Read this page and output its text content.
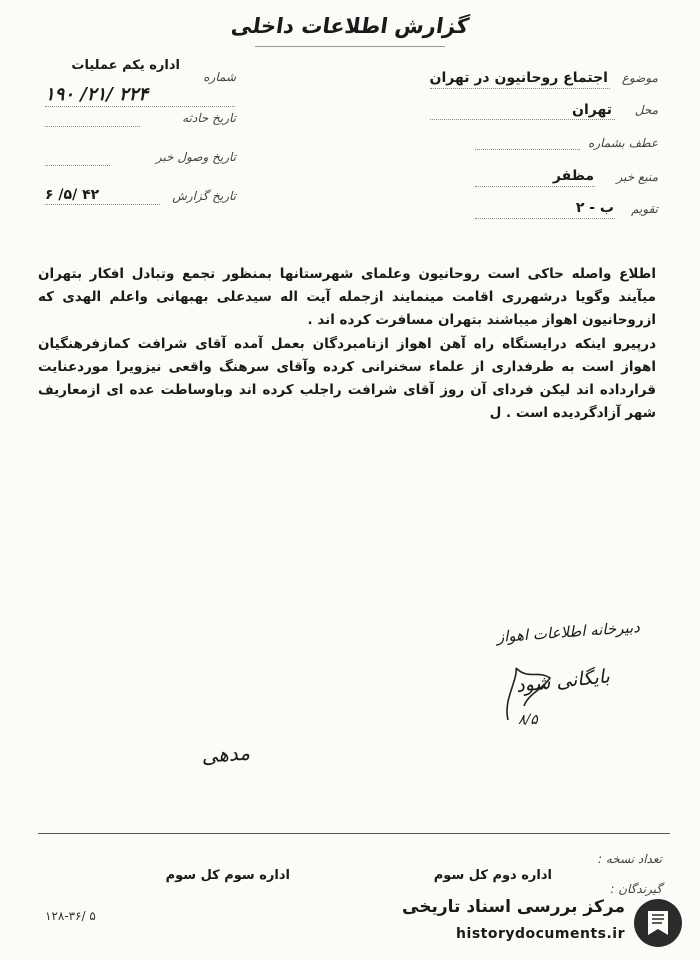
گزارش اطلاعات داخلی
اداره یکم عملیات
شماره
۱۹۰ /۲۱/ ۲۲۴
تاریخ حادثه
تاریخ وصول خبر
تاریخ گزارش
۶ /۵/ ۴۲
موضوع
اجتماع روحانیون در تهران
محل
تهران
عطف بشماره
منبع خبر
مظفر
تقویم
ب - ۲

اطلاع واصله حاکی است روحانیون وعلمای شهرستانها بمنظور تجمع وتبادل افکار بتهران میآیند وگویا درشهرری اقامت مینمایند ازجمله آیت اله سیدعلی بهبهانی واعلم الهدی که ازروحانیون اهواز میباشند بتهران مسافرت کرده اند .

درپیرو اینکه درایستگاه راه آهن اهواز ازنامبردگان بعمل آمده آقای شرافت کمازفرهنگیان اهواز است به طرفداری از علماء سخنرانی کرده وآقای سرهنگ واقعی نیزویرا موردعنایت قرارداده اند لیکن فردای آن روز آقای شرافت راجلب کرده اند وباوساطت عده ای ازمعاریف شهر آزادگردیده است . ل

دبیرخانه اطلاعات اهواز
بایگانی شود
۸/۵
مدهی
تعداد نسخه :
گیرندگان :
اداره دوم کل سوم
اداره سوم کل سوم
۱۲۸-۳۶/ ۵	مرکز بررسی اسناد تاریخی
historydocuments.ir
